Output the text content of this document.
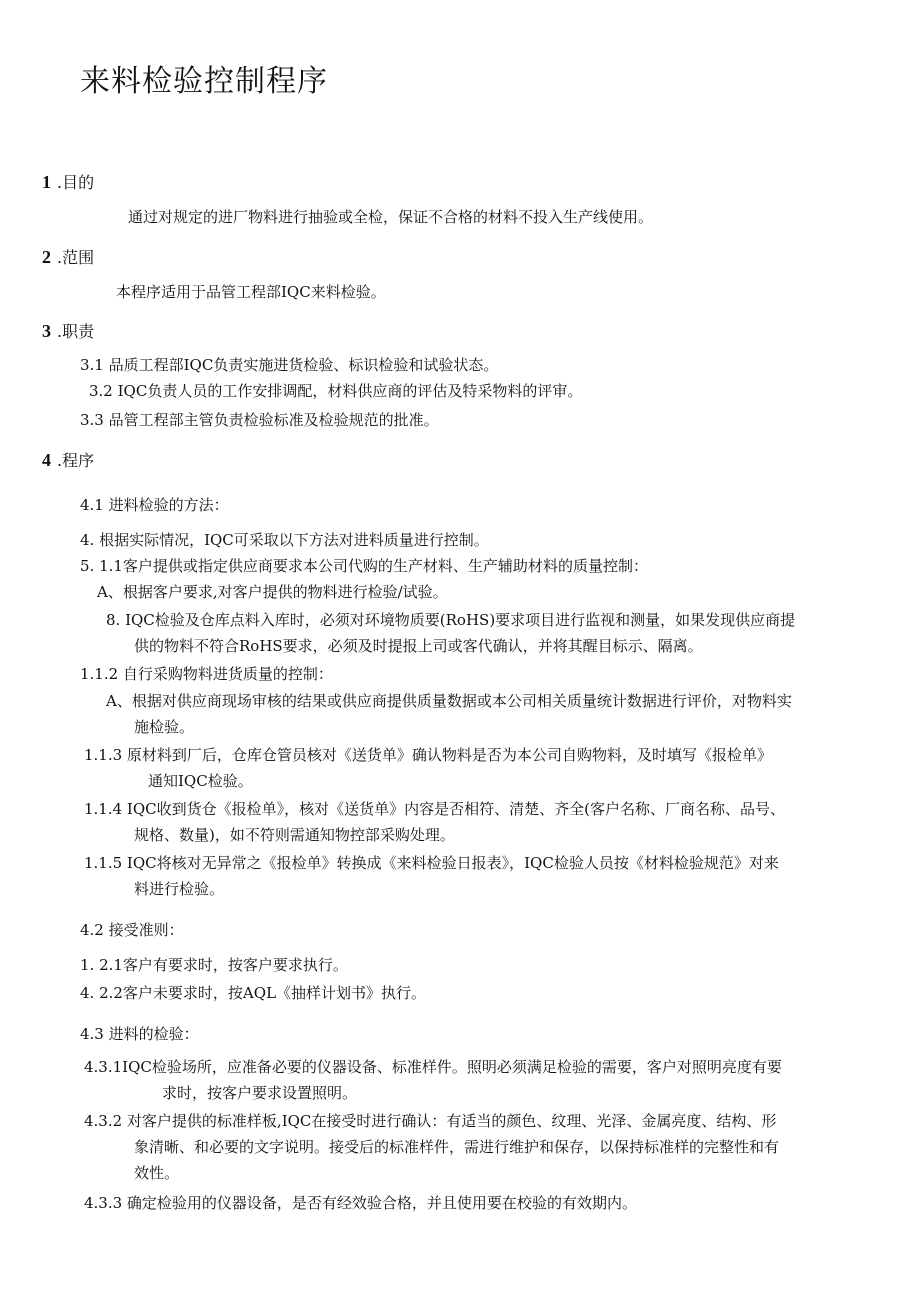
来料检验控制程序
1 .目的
通过对规定的进厂物料进行抽验或全检，保证不合格的材料不投入生产线使用。
2 .范围
本程序适用于品管工程部IQC来料检验。
3 .职责
3.1 品质工程部IQC负责实施进货检验、标识检验和试验状态。
3.2 IQC负责人员的工作安排调配，材料供应商的评估及特采物料的评审。
3.3 品管工程部主管负责检验标准及检验规范的批准。
4 .程序
4.1 进料检验的方法：
4. 根据实际情况，IQC可采取以下方法对进料质量进行控制。
5. 1.1客户提供或指定供应商要求本公司代购的生产材料、生产辅助材料的质量控制：
A、根据客户要求,对客户提供的物料进行检验/试验。
8. IQC检验及仓库点料入库时，必须对环境物质要(RoHS)要求项目进行监视和测量，如果发现供应商提
供的物料不符合RoHS要求，必须及时提报上司或客代确认，并将其醒目标示、隔离。
1.1.2 自行采购物料进货质量的控制：
A、根据对供应商现场审核的结果或供应商提供质量数据或本公司相关质量统计数据进行评价，对物料实
施检验。
1.1.3 原材料到厂后，仓库仓管员核对《送货单》确认物料是否为本公司自购物料，及时填写《报检单》
通知IQC检验。
1.1.4 IQC收到货仓《报检单》，核对《送货单》内容是否相符、清楚、齐全(客户名称、厂商名称、品号、
规格、数量)，如不符则需通知物控部采购处理。
1.1.5 IQC将核对无异常之《报检单》转换成《来料检验日报表》，IQC检验人员按《材料检验规范》对来
料进行检验。
4.2 接受准则：
1. 2.1客户有要求时，按客户要求执行。
4. 2.2客户未要求时，按AQL《抽样计划书》执行。
4.3 进料的检验：
4.3.1IQC检验场所，应准备必要的仪器设备、标准样件。照明必须满足检验的需要，客户对照明亮度有要
求时，按客户要求设置照明。
4.3.2 对客户提供的标准样板,IQC在接受时进行确认：有适当的颜色、纹理、光泽、金属亮度、结构、形
象清晰、和必要的文字说明。接受后的标准样件，需进行维护和保存，以保持标准样的完整性和有
效性。
4.3.3 确定检验用的仪器设备，是否有经效验合格，并且使用要在校验的有效期内。
